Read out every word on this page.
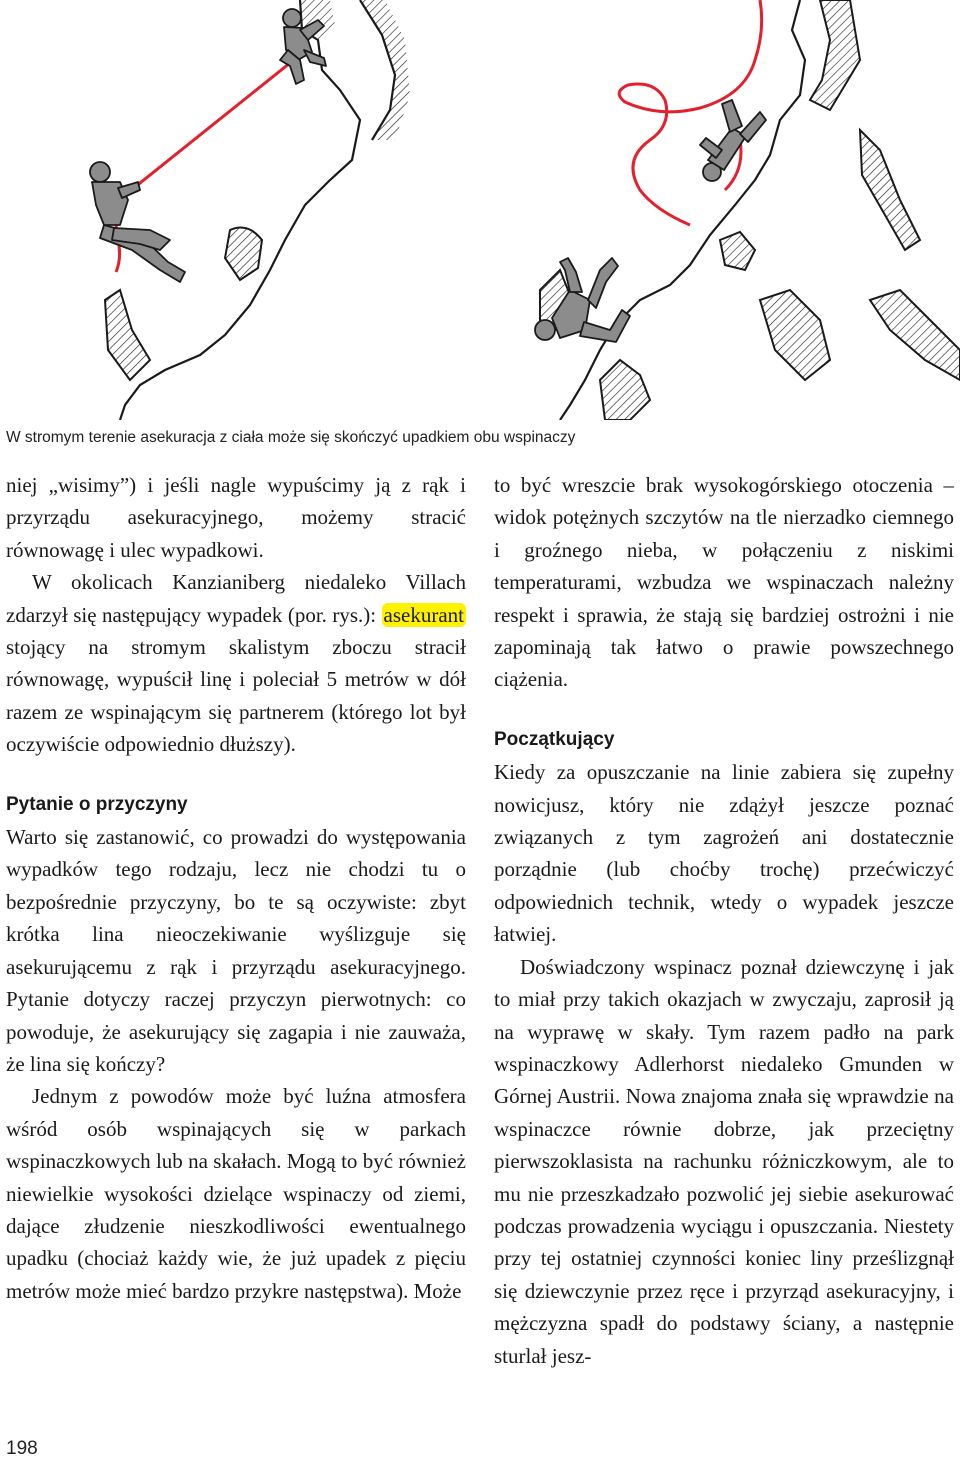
W stromym terenie asekuracja z ciała może się skończyć upadkiem obu wspinaczy

niej „wisimy”) i jeśli nagle wypuścimy ją z rąk i przyrządu asekuracyjnego, możemy stracić równowagę i ulec wypadkowi.

W okolicach Kanzianiberg niedaleko Villach zdarzył się następujący wypadek (por. rys.): asekurant stojący na stromym skalistym zboczu stracił równowagę, wypuścił linę i poleciał 5 metrów w dół razem ze wspinającym się partnerem (którego lot był oczywiście odpowiednio dłuższy).

Pytanie o przyczyny

Warto się zastanowić, co prowadzi do występowania wypadków tego rodzaju, lecz nie chodzi tu o bezpośrednie przyczyny, bo te są oczywiste: zbyt krótka lina nieoczekiwanie wyślizguje się asekurującemu z rąk i przyrządu asekuracyjnego. Pytanie dotyczy raczej przyczyn pierwotnych: co powoduje, że asekurujący się zagapia i nie zauważa, że lina się kończy?

Jednym z powodów może być luźna atmosfera wśród osób wspinających się w parkach wspinaczkowych lub na skałach. Mogą to być również niewielkie wysokości dzielące wspinaczy od ziemi, dające złudzenie nieszkodliwości ewentualnego upadku (chociaż każdy wie, że już upadek z pięciu metrów może mieć bardzo przykre następstwa). Może

to być wreszcie brak wysokogórskiego otoczenia – widok potężnych szczytów na tle nierzadko ciemnego i groźnego nieba, w połączeniu z niskimi temperaturami, wzbudza we wspinaczach należny respekt i sprawia, że stają się bardziej ostrożni i nie zapominają tak łatwo o prawie powszechnego ciążenia.

Początkujący

Kiedy za opuszczanie na linie zabiera się zupełny nowicjusz, który nie zdążył jeszcze poznać związanych z tym zagrożeń ani dostatecznie porządnie (lub choćby trochę) przećwiczyć odpowiednich technik, wtedy o wypadek jeszcze łatwiej.

Doświadczony wspinacz poznał dziewczynę i jak to miał przy takich okazjach w zwyczaju, zaprosił ją na wyprawę w skały. Tym razem padło na park wspinaczkowy Adlerhorst niedaleko Gmunden w Górnej Austrii. Nowa znajoma znała się wprawdzie na wspinaczce równie dobrze, jak przeciętny pierwszoklasista na rachunku różniczkowym, ale to mu nie przeszkadzało pozwolić jej siebie asekurować podczas prowadzenia wyciągu i opuszczania. Niestety przy tej ostatniej czynności koniec liny prześlizgnął się dziewczynie przez ręce i przyrząd asekuracyjny, i mężczyzna spadł do podstawy ściany, a następnie sturlał jesz-

198
